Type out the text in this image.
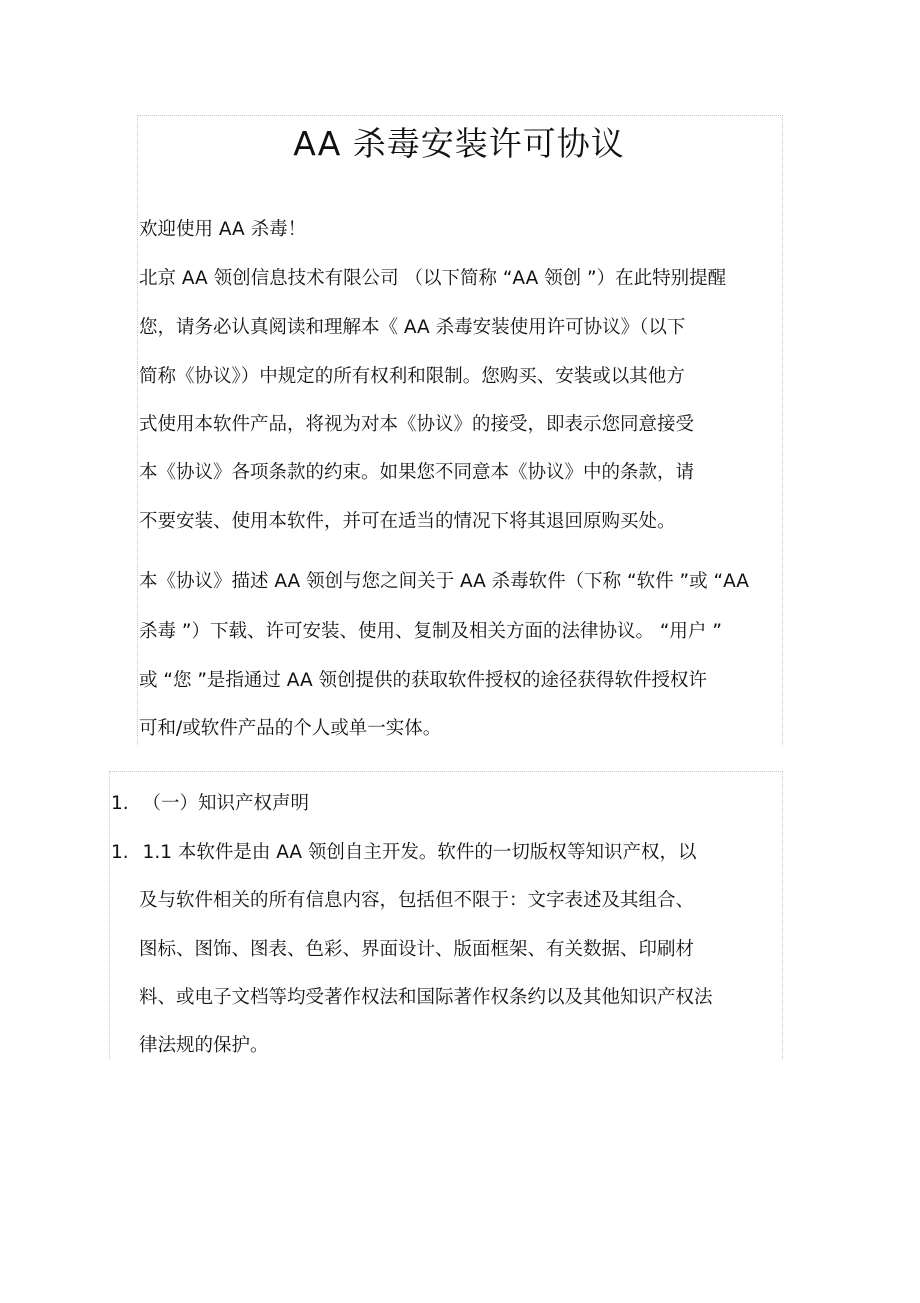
AA 杀毒安装许可协议

欢迎使用 AA 杀毒！

北京 AA 领创信息技术有限公司 （以下简称 “AA 领创 ”）在此特别提醒

您，请务必认真阅读和理解本《 AA 杀毒安装使用许可协议》（以下

简称《协议》）中规定的所有权利和限制。您购买、安装或以其他方

式使用本软件产品，将视为对本《协议》的接受，即表示您同意接受

本《协议》各项条款的约束。如果您不同意本《协议》中的条款，请

不要安装、使用本软件，并可在适当的情况下将其退回原购买处。

本《协议》描述 AA 领创与您之间关于 AA 杀毒软件（下称 “软件 ”或 “AA

杀毒 ”）下载、许可安装、使用、复制及相关方面的法律协议。 “用户 ”

或 “您 ”是指通过 AA 领创提供的获取软件授权的途径获得软件授权许

可和/或软件产品的个人或单一实体。

1. （一）知识产权声明

1. 1.1 本软件是由 AA 领创自主开发。软件的一切版权等知识产权，以

及与软件相关的所有信息内容，包括但不限于：文字表述及其组合、

图标、图饰、图表、色彩、界面设计、版面框架、有关数据、印刷材

料、或电子文档等均受著作权法和国际著作权条约以及其他知识产权法

律法规的保护。
